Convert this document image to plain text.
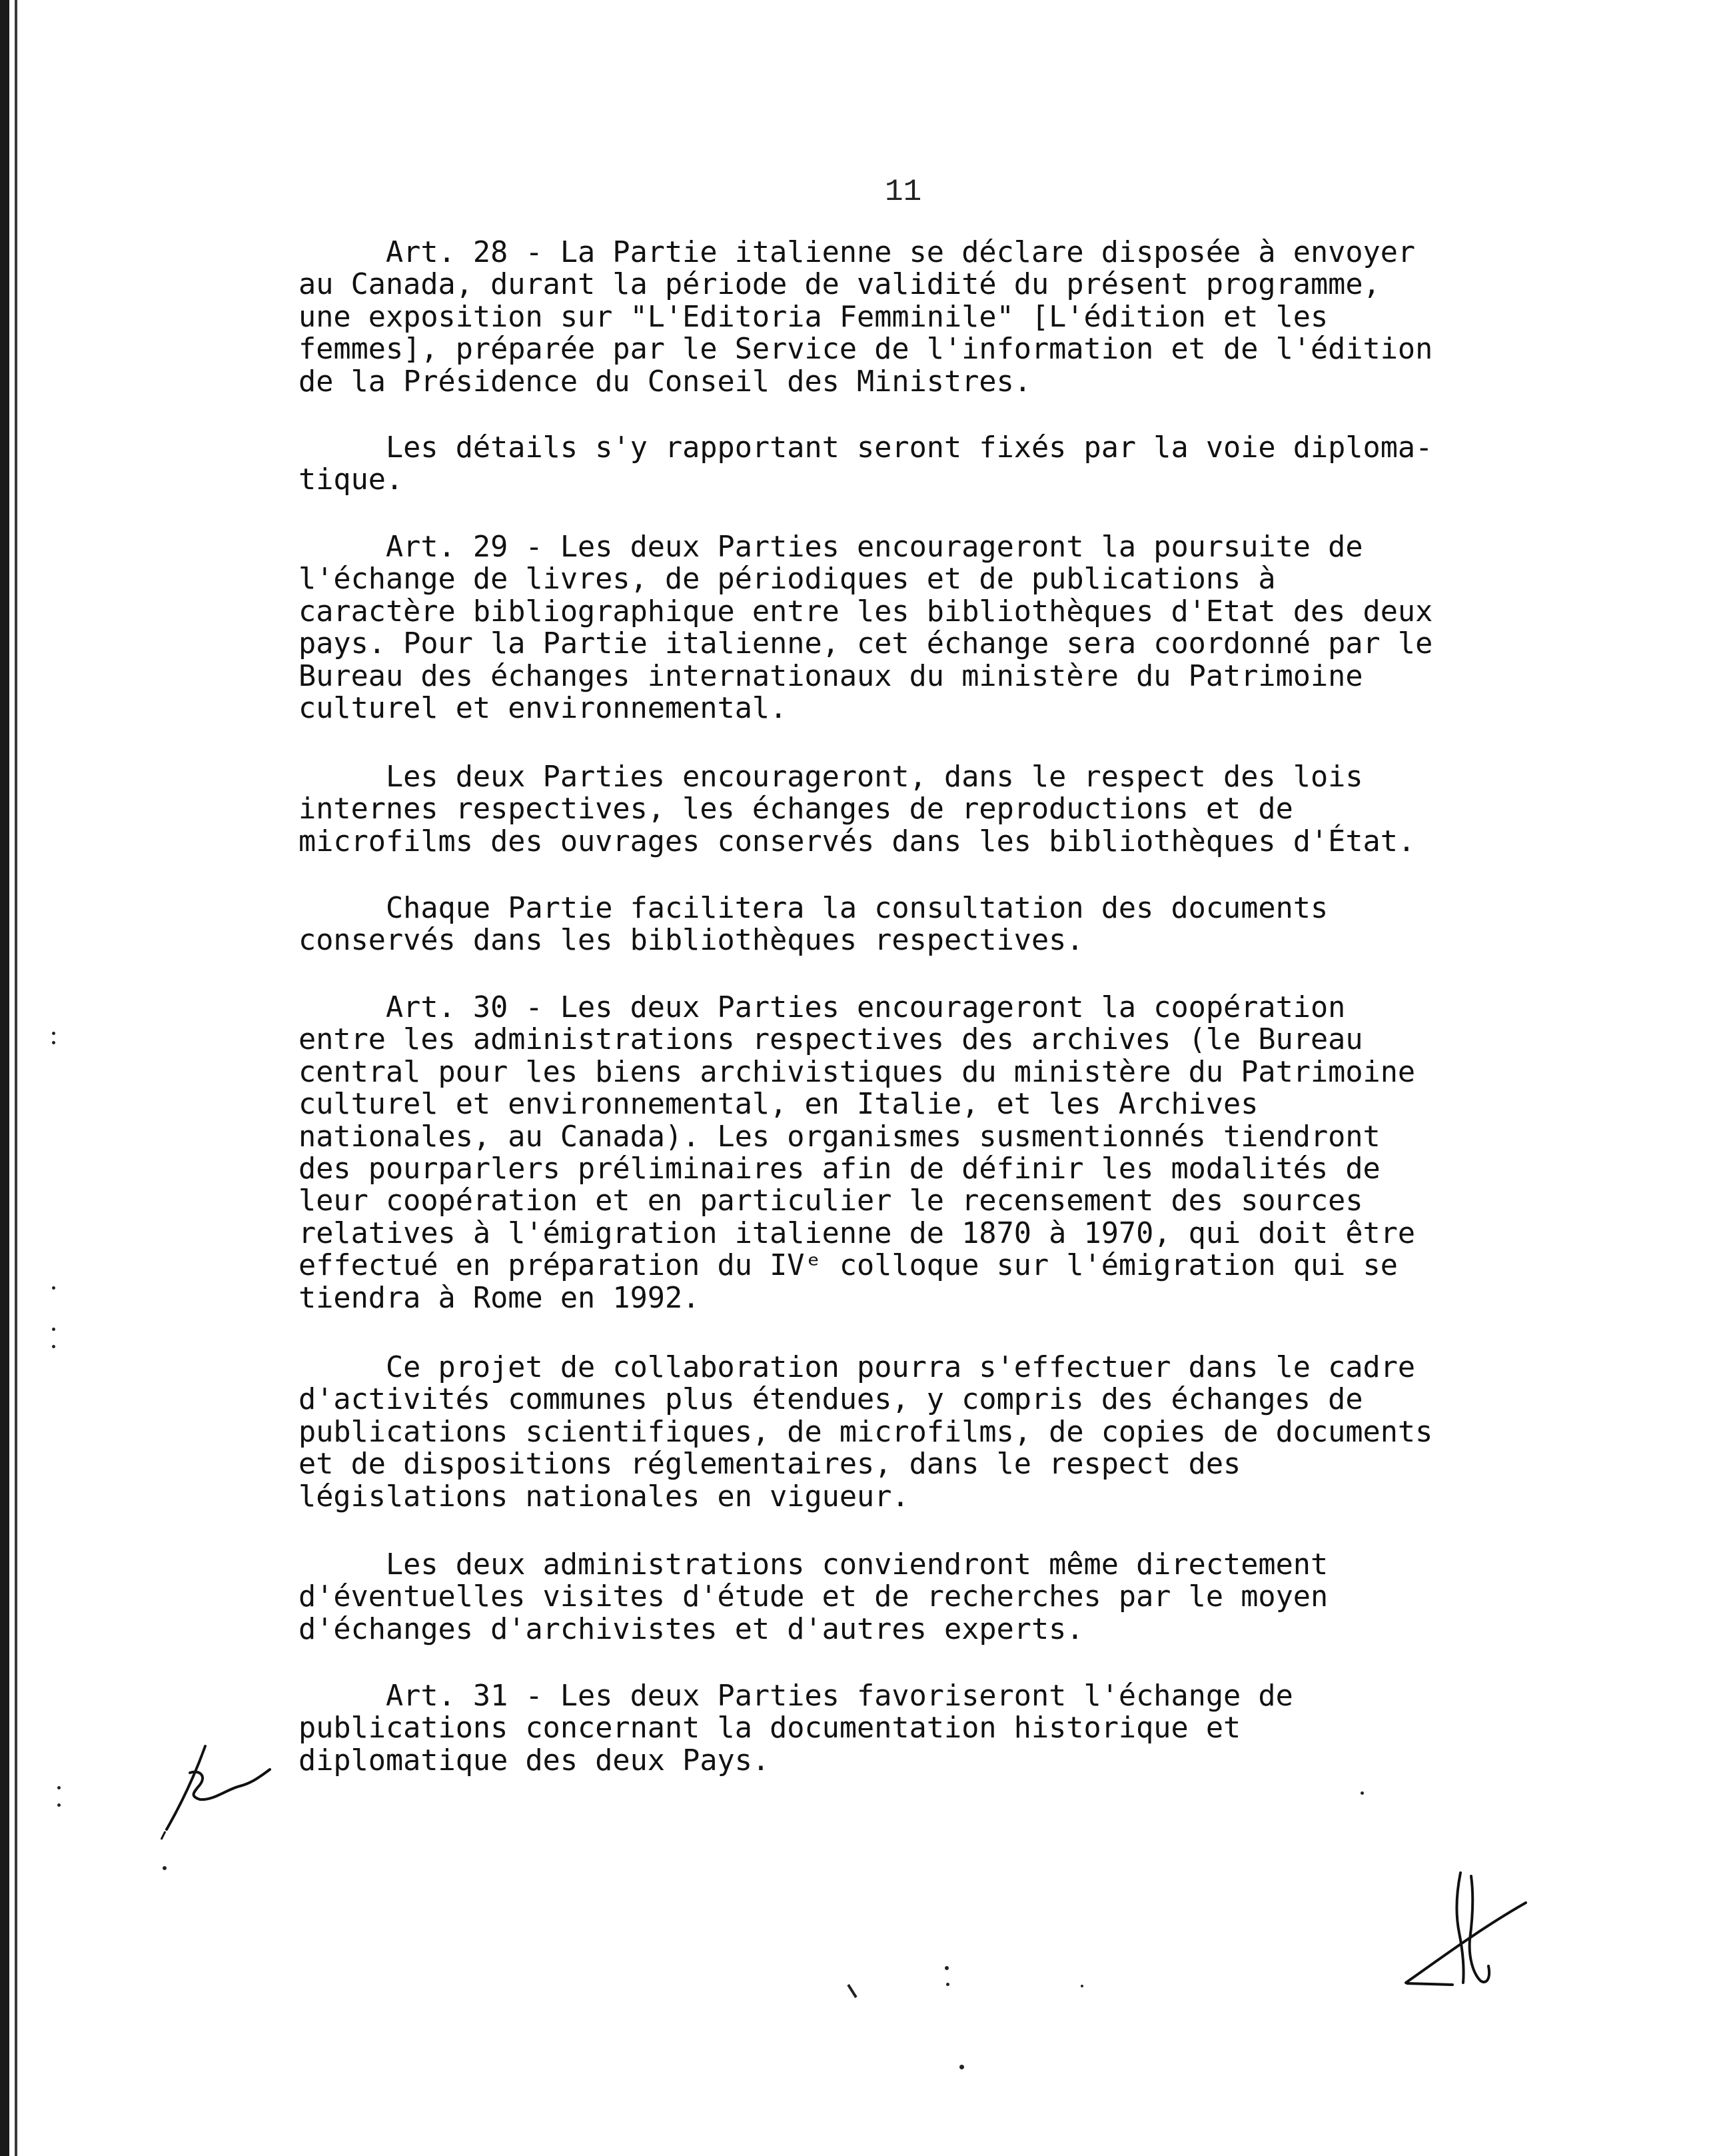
11
Art. 28 - La Partie italienne se déclare disposée à envoyer
au Canada, durant la période de validité du présent programme,
une exposition sur "L'Editoria Femminile" [L'édition et les
femmes], préparée par le Service de l'information et de l'édition
de la Présidence du Conseil des Ministres.
Les détails s'y rapportant seront fixés par la voie diploma-
tique.
Art. 29 - Les deux Parties encourageront la poursuite de
l'échange de livres, de périodiques et de publications à
caractère bibliographique entre les bibliothèques d'Etat des deux
pays. Pour la Partie italienne, cet échange sera coordonné par le
Bureau des échanges internationaux du ministère du Patrimoine
culturel et environnemental.
Les deux Parties encourageront, dans le respect des lois
internes respectives, les échanges de reproductions et de
microfilms des ouvrages conservés dans les bibliothèques d'État.
Chaque Partie facilitera la consultation des documents
conservés dans les bibliothèques respectives.
Art. 30 - Les deux Parties encourageront la coopération
entre les administrations respectives des archives (le Bureau
central pour les biens archivistiques du ministère du Patrimoine
culturel et environnemental, en Italie, et les Archives
nationales, au Canada). Les organismes susmentionnés tiendront
des pourparlers préliminaires afin de définir les modalités de
leur coopération et en particulier le recensement des sources
relatives à l'émigration italienne de 1870 à 1970, qui doit être
effectué en préparation du IVᵉ colloque sur l'émigration qui se
tiendra à Rome en 1992.
Ce projet de collaboration pourra s'effectuer dans le cadre
d'activités communes plus étendues, y compris des échanges de
publications scientifiques, de microfilms, de copies de documents
et de dispositions réglementaires, dans le respect des
législations nationales en vigueur.
Les deux administrations conviendront même directement
d'éventuelles visites d'étude et de recherches par le moyen
d'échanges d'archivistes et d'autres experts.
Art. 31 - Les deux Parties favoriseront l'échange de
publications concernant la documentation historique et
diplomatique des deux Pays.
